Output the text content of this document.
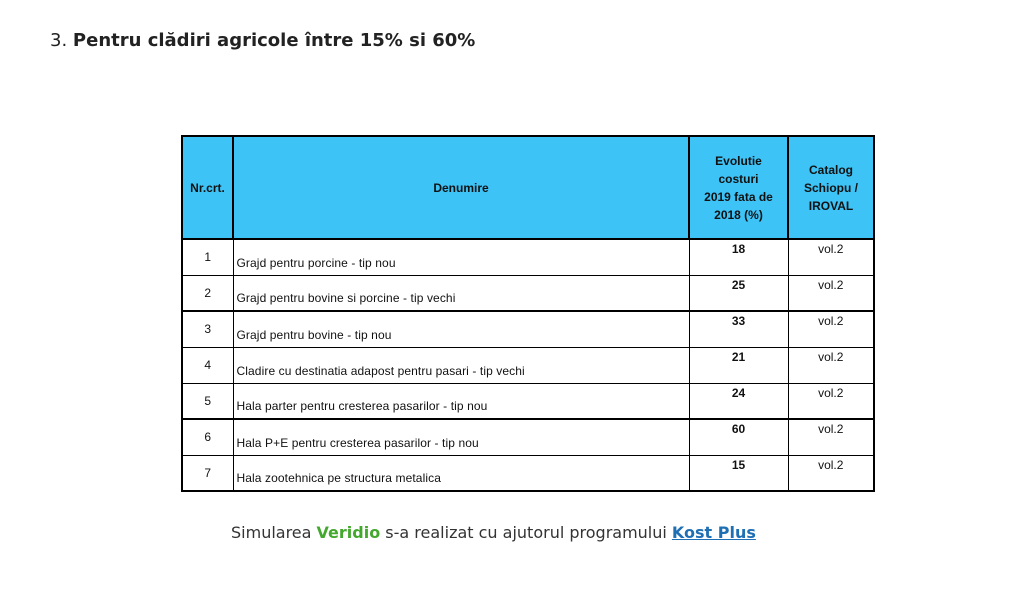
3. Pentru clădiri agricole între 15% si 60%
Nr.crt.	Denumire	Evolutie costuri 2019 fata de 2018 (%)	Catalog Schiopu / IROVAL

1	Grajd pentru porcine - tip nou	18	vol.2
2	Grajd pentru bovine si porcine - tip vechi	25	vol.2
3	Grajd pentru bovine - tip nou	33	vol.2
4	Cladire cu destinatia adapost pentru pasari - tip vechi	21	vol.2
5	Hala parter pentru cresterea pasarilor - tip nou	24	vol.2
6	Hala P+E pentru cresterea pasarilor - tip nou	60	vol.2
7	Hala zootehnica pe structura metalica	15	vol.2
Simularea Veridio s-a realizat cu ajutorul programului Kost Plus
